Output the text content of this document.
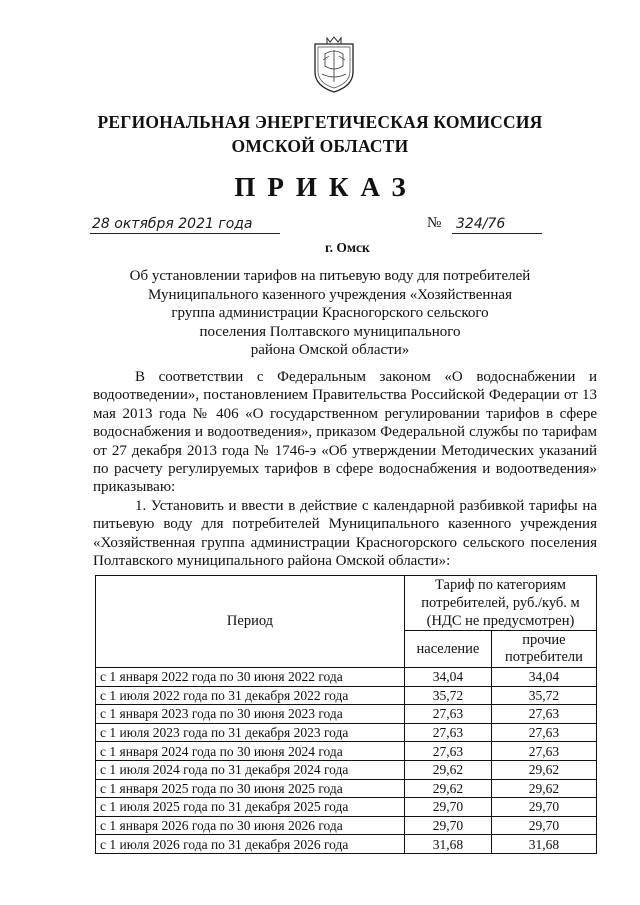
РЕГИОНАЛЬНАЯ ЭНЕРГЕТИЧЕСКАЯ КОМИССИЯ
ОМСКОЙ ОБЛАСТИ
ПРИКАЗ
28 октября 2021 года	№ 324/76
г. Омск
Об установлении тарифов на питьевую воду для потребителей
Муниципального казенного учреждения «Хозяйственная
группа администрации Красногорского сельского
поселения Полтавского муниципального
района Омской области»

В соответствии с Федеральным законом «О водоснабжении и водоотведении», постановлением Правительства Российской Федерации от 13 мая 2013 года № 406 «О государственном регулировании тарифов в сфере водоснабжения и водоотведения», приказом Федеральной службы по тарифам от 27 декабря 2013 года № 1746-э «Об утверждении Методических указаний по расчету регулируемых тарифов в сфере водоснабжения и водоотведения» приказываю:

1. Установить и ввести в действие с календарной разбивкой тарифы на питьевую воду для потребителей Муниципального казенного учреждения «Хозяйственная группа администрации Красногорского сельского поселения Полтавского муниципального района Омской области»:

Период	Тариф по категориям
потребителей, руб./куб. м
(НДС не предусмотрен)	

	население	прочие
потребители

с 1 января 2022 года по 30 июня 2022 года	34,04	34,04
с 1 июля 2022 года по 31 декабря 2022 года	35,72	35,72
с 1 января 2023 года по 30 июня 2023 года	27,63	27,63
с 1 июля 2023 года по 31 декабря 2023 года	27,63	27,63
с 1 января 2024 года по 30 июня 2024 года	27,63	27,63
с 1 июля 2024 года по 31 декабря 2024 года	29,62	29,62
с 1 января 2025 года по 30 июня 2025 года	29,62	29,62
с 1 июля 2025 года по 31 декабря 2025 года	29,70	29,70
с 1 января 2026 года по 30 июня 2026 года	29,70	29,70
с 1 июля 2026 года по 31 декабря 2026 года	31,68	31,68
